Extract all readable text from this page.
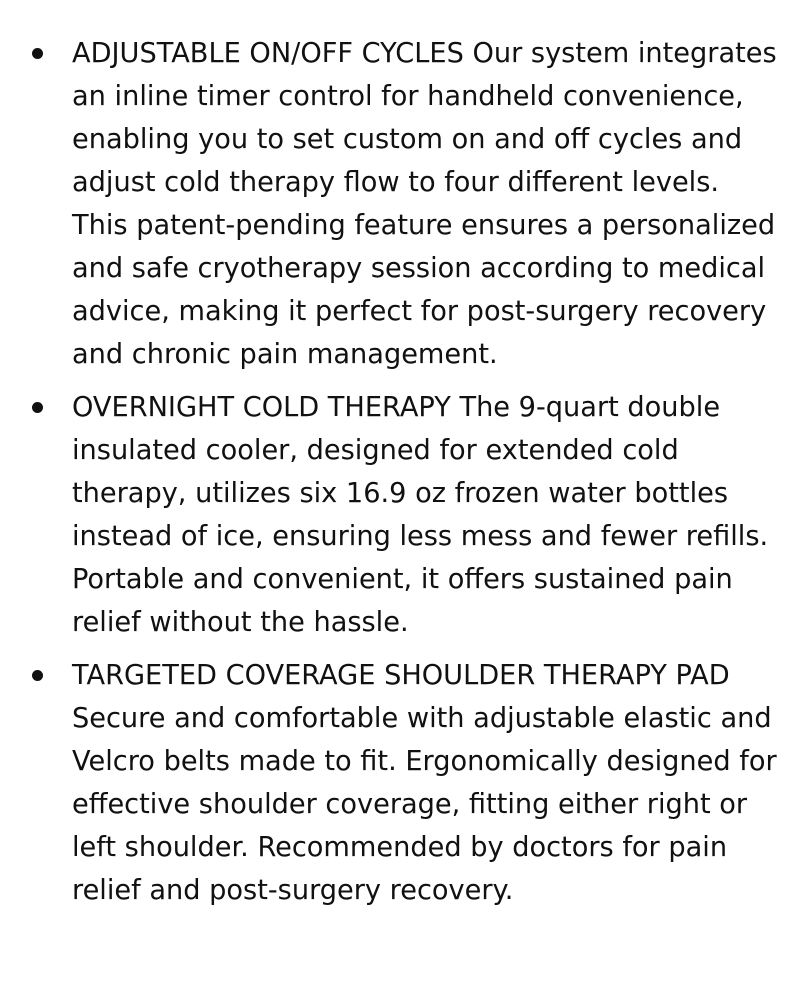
ADJUSTABLE ON/OFF CYCLES Our system integrates an inline timer control for handheld convenience, enabling you to set custom on and off cycles and adjust cold therapy flow to four different levels. This patent-pending feature ensures a personalized and safe cryotherapy session according to medical advice, making it perfect for post-surgery recovery and chronic pain management.
OVERNIGHT COLD THERAPY The 9-quart double insulated cooler, designed for extended cold therapy, utilizes six 16.9 oz frozen water bottles instead of ice, ensuring less mess and fewer refills. Portable and convenient, it offers sustained pain relief without the hassle.
TARGETED COVERAGE SHOULDER THERAPY PAD Secure and comfortable with adjustable elastic and Velcro belts made to fit. Ergonomically designed for effective shoulder coverage, fitting either right or left shoulder. Recommended by doctors for pain relief and post-surgery recovery.
